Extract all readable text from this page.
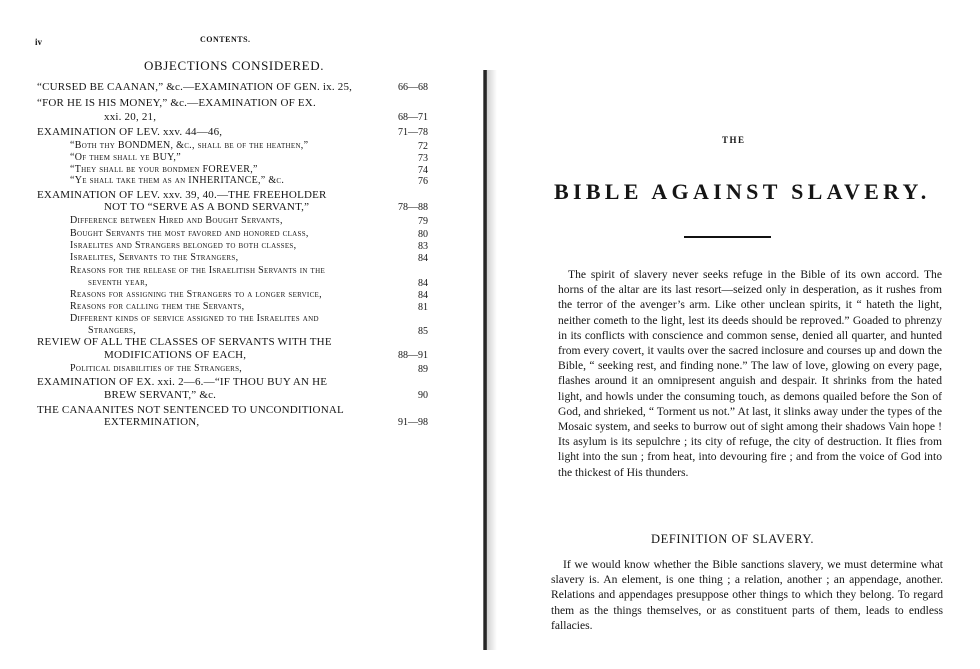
iv	CONTENTS.
OBJECTIONS CONSIDERED.
“CURSED BE CAANAN,” &c.—EXAMINATION OF GEN. ix. 25,	66—68
“FOR HE IS HIS MONEY,” &c.—EXAMINATION OF EX.
xxi. 20, 21,	68—71
EXAMINATION OF LEV. xxv. 44—46,	71—78
“Both thy BONDMEN, &c., shall be of the heathen,”	72
“Of them shall ye BUY,”	73
“They shall be your bondmen FOREVER,”	74
“Ye shall take them as an INHERITANCE,” &c.	76
EXAMINATION OF LEV. xxv. 39, 40.—THE FREEHOLDER
NOT TO “SERVE AS A BOND SERVANT,”	78—88
Difference between Hired and Bought Servants,	79
Bought Servants the most favored and honored class,	80
Israelites and Strangers belonged to both classes,	83
Israelites, Servants to the Strangers,	84
Reasons for the release of the Israelitish Servants in the
seventh year,	84
Reasons for assigning the Strangers to a longer service,	84
Reasons for calling them the Servants,	81
Different kinds of service assigned to the Israelites and
Strangers,	85
REVIEW OF ALL THE CLASSES OF SERVANTS WITH THE
MODIFICATIONS OF EACH,	88—91
Political disabilities of the Strangers,	89
EXAMINATION OF EX. xxi. 2—6.—“IF THOU BUY AN HE
BREW SERVANT,” &c.	90
THE CANAANITES NOT SENTENCED TO UNCONDITIONAL
EXTERMINATION,	91—98
THE
BIBLE AGAINST SLAVERY.

The spirit of slavery never seeks refuge in the Bible of its own accord. The horns of the altar are its last resort—seized only in desperation, as it rushes from the terror of the avenger’s arm. Like other unclean spirits, it “ hateth the light, neither cometh to the light, lest its deeds should be reproved.” Goaded to phrenzy in its conflicts with conscience and common sense, denied all quarter, and hunted from every covert, it vaults over the sacred inclosure and courses up and down the Bible, “ seeking rest, and finding none.” The law of love, glowing on every page, flashes around it an omnipresent anguish and despair. It shrinks from the hated light, and howls under the consuming touch, as demons quailed before the Son of God, and shrieked, “ Torment us not.” At last, it slinks away under the types of the Mosaic system, and seeks to burrow out of sight among their shadows Vain hope ! Its asylum is its sepulchre ; its city of refuge, the city of destruction. It flies from light into the sun ; from heat, into devouring fire ; and from the voice of God into the thickest of His thunders.

DEFINITION OF SLAVERY.

If we would know whether the Bible sanctions slavery, we must determine what slavery is. An element, is one thing ; a relation, another ; an appendage, another. Relations and appendages presuppose other things to which they belong. To regard them as the things themselves, or as constituent parts of them, leads to endless fallacies.
